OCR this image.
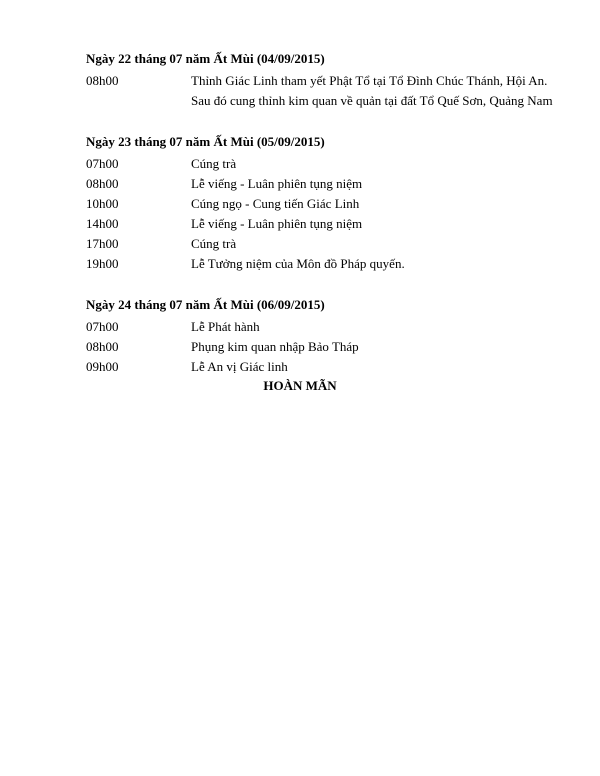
Ngày 22 tháng 07 năm Ất Mùi (04/09/2015)
08h00	Thỉnh Giác Linh tham yết Phật Tổ tại Tổ Đình Chúc Thánh, Hội An.
Sau đó cung thỉnh kim quan về quản tại đất Tổ Quế Sơn, Quảng Nam
Ngày 23 tháng 07 năm Ất Mùi (05/09/2015)
07h00	Cúng trà
08h00	Lễ viếng - Luân phiên tụng niệm
10h00	Cúng ngọ - Cung tiến Giác Linh
14h00	Lễ viếng - Luân phiên tụng niệm
17h00	Cúng trà
19h00	Lễ Tưởng niệm của Môn đồ Pháp quyến.
Ngày 24 tháng 07 năm Ất Mùi (06/09/2015)
07h00	Lễ Phát hành
08h00	Phụng kim quan nhập Bảo Tháp
09h00	Lễ An vị Giác linh
HOÀN MÃN
